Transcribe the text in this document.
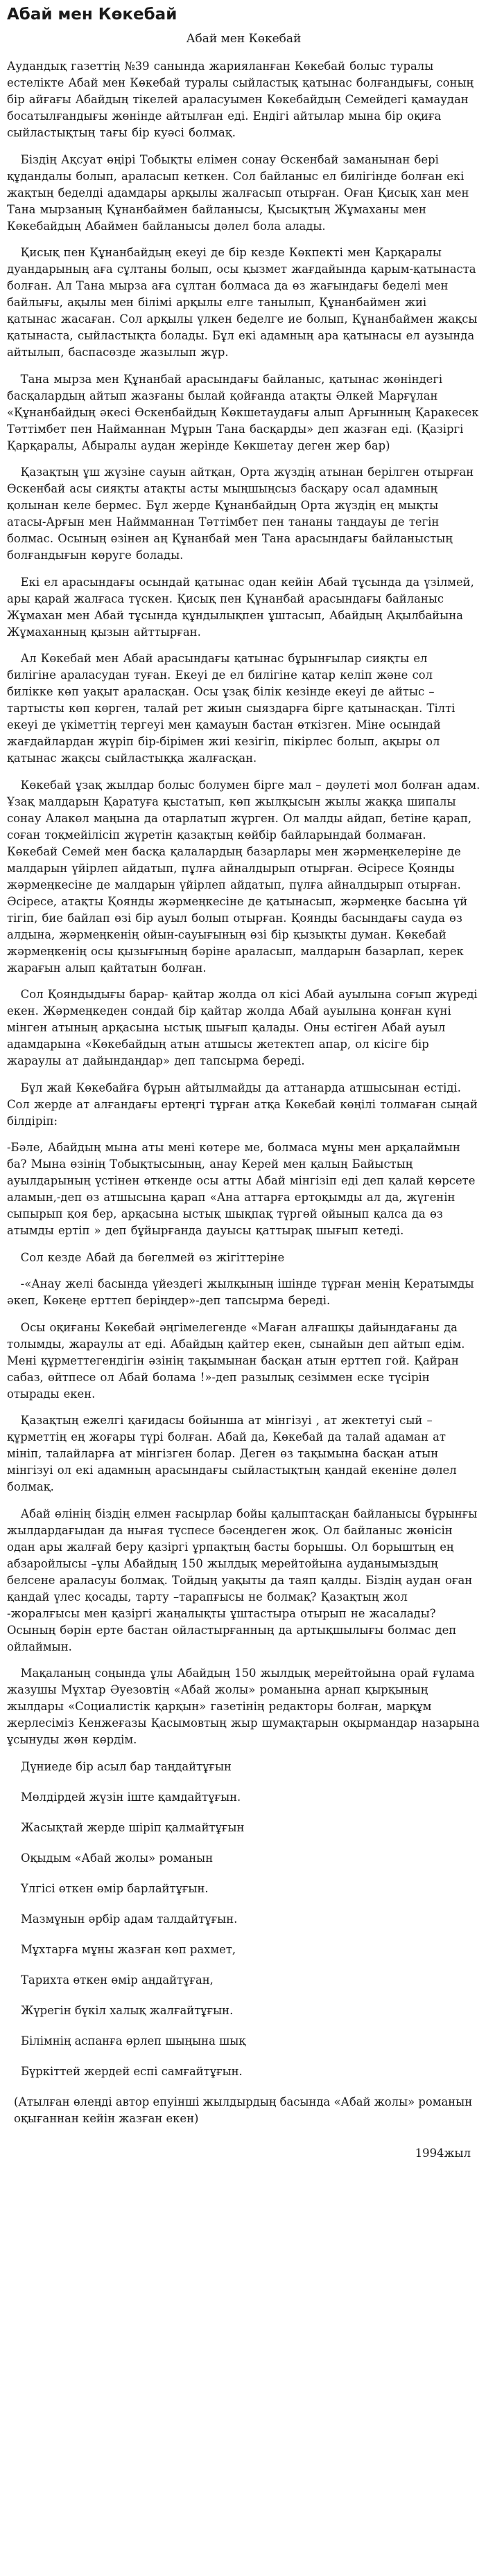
Абай мен Көкебай
Абай мен Көкебай

Аудандық газеттің №39 санында жарияланған Көкебай болыс туралы естелікте Абай мен Көкебай туралы сыйластық қатынас болғандығы, соның бір айғағы Абайдың тікелей араласуымен Көкебайдың Семейдегі қамаудан босатылғандығы жөнінде айтылған еді. Ендігі айтылар мына бір оқиға сыйластықтың тағы бір куәсі болмақ.

Біздің Ақсуат өңірі Тобықты елімен сонау Өскенбай заманынан бері құдандалы болып, араласып кеткен. Сол байланыс ел билігінде болған екі жақтың беделді адамдары арқылы жалғасып отырған. Оған Қисық хан мен Тана мырзаның Құнанбаймен байланысы, Қысықтың Жұмаханы мен Көкебайдың Абаймен байланысы дәлел бола алады.

Қисық пен Құнанбайдың екеуі де бір кезде Көкпекті мен Қарқаралы дуандарының аға сұлтаны болып, осы қызмет жағдайында қарым-қатынаста болған. Ал Тана мырза аға сұлтан болмаса да өз жағындағы беделі мен байлығы, ақылы мен білімі арқылы елге танылып, Құнанбаймен жиі қатынас жасаған. Сол арқылы үлкен беделге ие болып, Құнанбаймен жақсы қатынаста, сыйластықта болады. Бұл екі адамның ара қатынасы ел аузында айтылып, баспасөзде жазылып жүр.

Тана мырза мен Құнанбай арасындағы байланыс, қатынас жөніндегі басқалардың айтып жазғаны былай қойғанда атақты Әлкей Марғұлан «Құнанбайдың әкесі Өскенбайдың Көкшетаудағы алып Арғынның Қаракесек Тәттімбет пен Найманнан Мұрын Тана басқарды» деп жазған еді. (Қазіргі Қарқаралы, Абыралы аудан жерінде Көкшетау деген жер бар)

Қазақтың ұш жүзіне сауын айтқан, Орта жүздің атынан берілген отырған Өскенбай асы сияқты атақты асты мыңшыңсыз басқару осал адамның қолынан келе бермес. Бұл жерде Құнанбайдың Орта жүздің ең мықты атасы-Арғын мен Наймманнан Тәттімбет пен тананы таңдауы де тегін болмас. Осының өзінен аң Құнанбай мен Тана арасындағы байланыстың болғандығын көруге болады.

Екі ел арасындағы осындай қатынас одан кейін Абай тұсында да үзілмей, ары қарай жалғаса түскен. Қисық пен Құнанбай арасындағы байланыс Жұмахан мен Абай тұсында құндылықпен ұштасып, Абайдың Ақылбайына Жұмаханның қызын айттырған.

Ал Көкебай мен Абай арасындағы қатынас бұрынғылар сияқты ел билігіне араласудан туған. Екеуі де ел билігіне қатар келіп және сол билікке көп уақыт араласқан. Осы ұзақ білік кезінде екеуі де айтыс –тартысты көп көрген, талай рет жиын сыяздарға бірге қатынасқан. Тілті екеуі де үкіметтің тергеуі мен қамауын бастан өткізген. Міне осындай жағдайлардан жүріп бір-бірімен жиі кезігіп, пікірлес болып, ақыры ол қатынас жақсы сыйластыққа жалғасқан.

Көкебай ұзақ жылдар болыс болумен бірге мал – дәулеті мол болған адам. Ұзақ малдарын Қаратуға қыстатып, көп жылқысын жылы жаққа шипалы сонау Алакөл маңына да отарлатып жүрген. Ол малды айдап, бетіне қарап, соған тоқмейілісіп жүретін қазақтың көйбір байларындай болмаған. Көкебай Семей мен басқа қалалардың базарлары мен жәрмеңкелеріне де малдарын үйірлеп айдатып, пұлға айналдырып отырған. Әсіресе Қоянды жәрмеңкесіне де малдарын үйірлеп айдатып, пұлға айналдырып отырған. Әсіресе, атақты Қоянды жәрмеңкесіне де қатынасып, жәрмеңке басына үй тігіп, бие байлап өзі бір ауыл болып отырған. Қоянды басындағы сауда өз алдына, жәрмеңкенің ойын-сауығының өзі бір қызықты думан. Көкебай жәрмеңкенің осы қызығының бәріне араласып, малдарын базарлап, керек жарағын алып қайтатын болған.

Сол Қояндыдығы барар- қайтар жолда ол кісі Абай ауылына соғып жүреді екен. Жәрмеңкеден сондай бір қайтар жолда Абай ауылына қонған күні мінген атының арқасына ыстық шығып қалады. Оны естіген Абай ауыл адамдарына «Көкебайдың атын атшысы жетектеп апар, ол кісіге бір жараулы ат дайындаңдар» деп тапсырма береді.

Бұл жай Көкебайға бұрын айтылмайды да аттанарда атшысынан естіді. Сол жерде ат алғандағы ертеңгі тұрған атқа Көкебай көңілі толмаған сыңай білдіріп:

-Бәле, Абайдың мына аты мені көтере ме, болмаса мұны мен арқалаймын ба? Мына өзінің Тобықтысының, анау Керей мен қалың Байыстың ауылдарының үстінен өткенде осы атты Абай мінгізіп еді деп қалай көрсете аламын,-деп өз атшысына қарап «Ана аттарға ертоқымды ал да, жүгенін сыпырып қоя бер, арқасына ыстық шықпақ түргөй ойынып қалса да өз атымды ертіп » деп бұйырғанда дауысы қаттырақ шығып кетеді.

Сол кезде Абай да бөгелмей өз жігіттеріне

-«Анау желі басында үйездегі жылқының ішінде тұрған менің Кератымды әкеп, Көкеңе ерттеп беріңдер»-деп тапсырма береді.

Осы оқиғаны Көкебай әңгімелегенде «Маған алғашқы дайындағаны да толымды, жараулы ат еді. Абайдың қайтер екен, сынайын деп айтып едім. Мені құрметтегендігін әзінің тақымынан басқан атын ерттеп гой. Қайран сабаз, өйтпесе ол Абай болама !»-деп разылық сезіммен еске түсірін отырады екен.

Қазақтың ежелгі қағидасы бойынша ат мінгізуі , ат жектетуі сый –құрметтің ең жоғары түрі болған. Абай да, Көкебай да талай адаман ат мініп, талайларға ат мінгізген болар. Деген өз тақымына басқан атын мінгізуі ол екі адамның арасындағы сыйластықтың қандай екеніне дәлел болмақ.

Абай өлінің біздің елмен ғасырлар бойы қалыптасқан байланысы бұрынғы жылдардағыдан да нығая түспесе бәсеңдеген жоқ. Ол байланыс жөнісін одан ары жалғай беру қазіргі ұрпақтың басты борышы. Ол борыштың ең абзаройлысы –ұлы Абайдың 150 жылдық мерейтойына ауданымыздың белсене араласуы болмақ. Тойдың уақыты да таяп қалды. Біздің аудан оған қандай үлес қосады, тарту –тарапғысы не болмақ? Қазақтың жол -жоралғысы мен қазіргі жаңалықты ұштастыра отырып не жасалады? Осының бәрін ерте бастан ойластырғанның да артықшылығы болмас деп ойлаймын.

Мақаланың соңында ұлы Абайдың 150 жылдық мерейтойына орай ғұлама жазушы Мұхтар Әуезовтің «Абай жолы» романына арнап қырқының жылдары «Социалистік қарқын» газетінің редакторы болған, марқұм жерлесіміз Кенжеғазы Қасымовтың жыр шумақтарын оқырмандар назарына ұсынуды жөн көрдім.

Дүниеде бір асыл бар таңдайтұғын
Мөлдірдей жүзін іште қамдайтұғын.
Жасықтай жерде шіріп қалмайтұғын
Оқыдым «Абай жолы» романын
Үлгісі өткен өмір барлайтұғын.
Мазмұнын әрбір адам талдайтұғын.
Мұхтарға мұны жазған көп рахмет,
Тарихта өткен өмір аңдайтұған,
Жүрегін бүкіл халық жалғайтұғын.
Білімнің аспанға өрлеп шыңына шық
Бүркіттей жердей еспі самғайтұғын.
(Атылған өлеңді автор епуінші жылдырдың басында «Абай жолы» романын оқығаннан кейін жазған екен)
1994жыл
